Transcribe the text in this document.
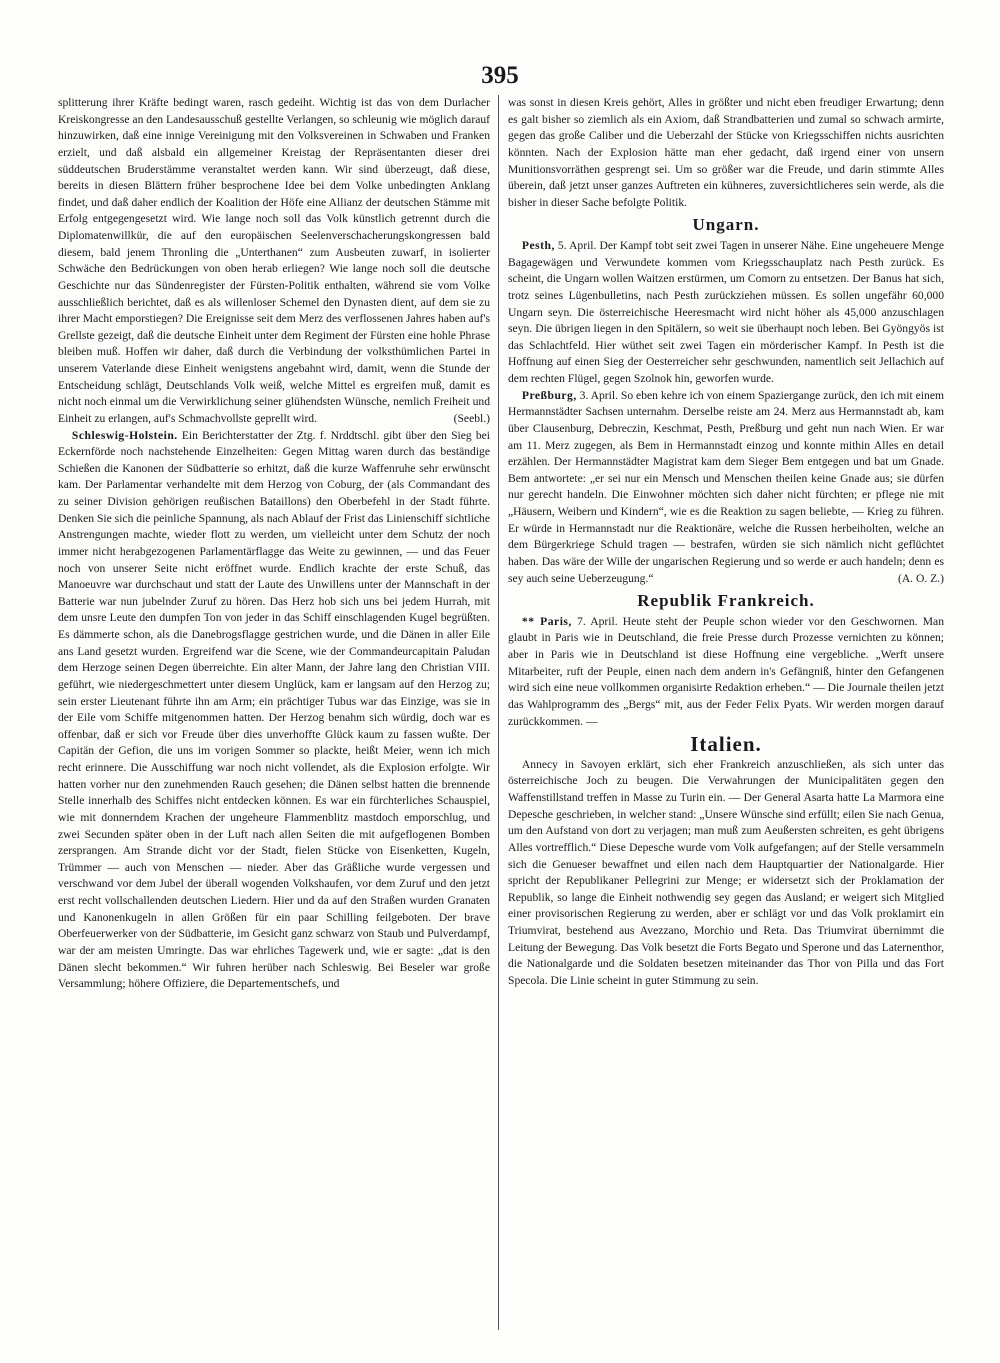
395

splitterung ihrer Kräfte bedingt waren, rasch gedeiht. Wichtig ist das von dem Durlacher Kreiskongresse an den Landesausschuß gestellte Verlangen, so schleunig wie möglich darauf hinzuwirken, daß eine innige Vereinigung mit den Volksvereinen in Schwaben und Franken erzielt, und daß alsbald ein allgemeiner Kreistag der Repräsentanten dieser drei süddeutschen Bruderstämme veranstaltet werden kann. Wir sind überzeugt, daß diese, bereits in diesen Blättern früher besprochene Idee bei dem Volke unbedingten Anklang findet, und daß daher endlich der Koalition der Höfe eine Allianz der deutschen Stämme mit Erfolg entgegengesetzt wird. Wie lange noch soll das Volk künstlich getrennt durch die Diplomatenwillkür, die auf den europäischen Seelenverschacherungskongressen bald diesem, bald jenem Thronling die „Unterthanen“ zum Ausbeuten zuwarf, in isolierter Schwäche den Bedrückungen von oben herab erliegen? Wie lange noch soll die deutsche Geschichte nur das Sündenregister der Fürsten-Politik enthalten, während sie vom Volke ausschließlich berichtet, daß es als willenloser Schemel den Dynasten dient, auf dem sie zu ihrer Macht emporstiegen? Die Ereignisse seit dem Merz des verflossenen Jahres haben auf's Grellste gezeigt, daß die deutsche Einheit unter dem Regiment der Fürsten eine hohle Phrase bleiben muß. Hoffen wir daher, daß durch die Verbindung der volksthümlichen Partei in unserem Vaterlande diese Einheit wenigstens angebahnt wird, damit, wenn die Stunde der Entscheidung schlägt, Deutschlands Volk weiß, welche Mittel es ergreifen muß, damit es nicht noch einmal um die Verwirklichung seiner glühendsten Wünsche, nemlich Freiheit und Einheit zu erlangen, auf's Schmachvollste geprellt wird.	(Seebl.)

Schleswig-Holstein. Ein Berichterstatter der Ztg. f. Nrddtschl. gibt über den Sieg bei Eckernförde noch nachstehende Einzelheiten: Gegen Mittag waren durch das beständige Schießen die Kanonen der Südbatterie so erhitzt, daß die kurze Waffenruhe sehr erwünscht kam. Der Parlamentar verhandelte mit dem Herzog von Coburg, der (als Commandant des zu seiner Division gehörigen reußischen Bataillons) den Oberbefehl in der Stadt führte. Denken Sie sich die peinliche Spannung, als nach Ablauf der Frist das Linienschiff sichtliche Anstrengungen machte, wieder flott zu werden, um vielleicht unter dem Schutz der noch immer nicht herabgezogenen Parlamentärflagge das Weite zu gewinnen, — und das Feuer noch von unserer Seite nicht eröffnet wurde. Endlich krachte der erste Schuß, das Manoeuvre war durchschaut und statt der Laute des Unwillens unter der Mannschaft in der Batterie war nun jubelnder Zuruf zu hören. Das Herz hob sich uns bei jedem Hurrah, mit dem unsre Leute den dumpfen Ton von jeder in das Schiff einschlagenden Kugel begrüßten. Es dämmerte schon, als die Danebrogsflagge gestrichen wurde, und die Dänen in aller Eile ans Land gesetzt wurden. Ergreifend war die Scene, wie der Commandeurcapitain Paludan dem Herzoge seinen Degen überreichte. Ein alter Mann, der Jahre lang den Christian VIII. geführt, wie niedergeschmettert unter diesem Unglück, kam er langsam auf den Herzog zu; sein erster Lieutenant führte ihn am Arm; ein prächtiger Tubus war das Einzige, was sie in der Eile vom Schiffe mitgenommen hatten. Der Herzog benahm sich würdig, doch war es offenbar, daß er sich vor Freude über dies unverhoffte Glück kaum zu fassen wußte. Der Capitän der Gefion, die uns im vorigen Sommer so plackte, heißt Meier, wenn ich mich recht erinnere. Die Ausschiffung war noch nicht vollendet, als die Explosion erfolgte. Wir hatten vorher nur den zunehmenden Rauch gesehen; die Dänen selbst hatten die brennende Stelle innerhalb des Schiffes nicht entdecken können. Es war ein fürchterliches Schauspiel, wie mit donnerndem Krachen der ungeheure Flammenblitz mastdoch emporschlug, und zwei Secunden später oben in der Luft nach allen Seiten die mit aufgeflogenen Bomben zersprangen. Am Strande dicht vor der Stadt, fielen Stücke von Eisenketten, Kugeln, Trümmer — auch von Menschen — nieder. Aber das Gräßliche wurde vergessen und verschwand vor dem Jubel der überall wogenden Volkshaufen, vor dem Zuruf und den jetzt erst recht vollschallenden deutschen Liedern. Hier und da auf den Straßen wurden Granaten und Kanonenkugeln in allen Größen für ein paar Schilling feilgeboten. Der brave Oberfeuerwerker von der Südbatterie, im Gesicht ganz schwarz von Staub und Pulverdampf, war der am meisten Umringte. Das war ehrliches Tagewerk und, wie er sagte: „dat is den Dänen slecht bekommen.“ Wir fuhren herüber nach Schleswig. Bei Beseler war große Versammlung; höhere Offiziere, die Departementschefs, und

was sonst in diesen Kreis gehört, Alles in größter und nicht eben freudiger Erwartung; denn es galt bisher so ziemlich als ein Axiom, daß Strandbatterien und zumal so schwach armirte, gegen das große Caliber und die Ueberzahl der Stücke von Kriegsschiffen nichts ausrichten könnten. Nach der Explosion hätte man eher gedacht, daß irgend einer von unsern Munitionsvorräthen gesprengt sei. Um so größer war die Freude, und darin stimmte Alles überein, daß jetzt unser ganzes Auftreten ein kühneres, zuversichtlicheres sein werde, als die bisher in dieser Sache befolgte Politik.

Ungarn.

Pesth, 5. April. Der Kampf tobt seit zwei Tagen in unserer Nähe. Eine ungeheuere Menge Bagagewägen und Verwundete kommen vom Kriegsschauplatz nach Pesth zurück. Es scheint, die Ungarn wollen Waitzen erstürmen, um Comorn zu entsetzen. Der Banus hat sich, trotz seines Lügenbulletins, nach Pesth zurückziehen müssen. Es sollen ungefähr 60,000 Ungarn seyn. Die österreichische Heeresmacht wird nicht höher als 45,000 anzuschlagen seyn. Die übrigen liegen in den Spitälern, so weit sie überhaupt noch leben. Bei Gyöngyös ist das Schlachtfeld. Hier wüthet seit zwei Tagen ein mörderischer Kampf. In Pesth ist die Hoffnung auf einen Sieg der Oesterreicher sehr geschwunden, namentlich seit Jellachich auf dem rechten Flügel, gegen Szolnok hin, geworfen wurde.

Preßburg, 3. April. So eben kehre ich von einem Spaziergange zurück, den ich mit einem Hermannstädter Sachsen unternahm. Derselbe reiste am 24. Merz aus Hermannstadt ab, kam über Clausenburg, Debreczin, Keschmat, Pesth, Preßburg und geht nun nach Wien. Er war am 11. Merz zugegen, als Bem in Hermannstadt einzog und konnte mithin Alles en detail erzählen. Der Hermannstädter Magistrat kam dem Sieger Bem entgegen und bat um Gnade. Bem antwortete: „er sei nur ein Mensch und Menschen theilen keine Gnade aus; sie dürfen nur gerecht handeln. Die Einwohner möchten sich daher nicht fürchten; er pflege nie mit „Häusern, Weibern und Kindern“, wie es die Reaktion zu sagen beliebte, — Krieg zu führen. Er würde in Hermannstadt nur die Reaktionäre, welche die Russen herbeiholten, welche an dem Bürgerkriege Schuld tragen — bestrafen, würden sie sich nämlich nicht geflüchtet haben. Das wäre der Wille der ungarischen Regierung und so werde er auch handeln; denn es sey auch seine Ueberzeugung.“	(A. O. Z.)

Republik Frankreich.

** Paris, 7. April. Heute steht der Peuple schon wieder vor den Geschwornen. Man glaubt in Paris wie in Deutschland, die freie Presse durch Prozesse vernichten zu können; aber in Paris wie in Deutschland ist diese Hoffnung eine vergebliche. „Werft unsere Mitarbeiter, ruft der Peuple, einen nach dem andern in's Gefängniß, hinter den Gefangenen wird sich eine neue vollkommen organisirte Redaktion erheben.“ — Die Journale theilen jetzt das Wahlprogramm des „Bergs“ mit, aus der Feder Felix Pyats. Wir werden morgen darauf zurückkommen. —

Italien.

Annecy in Savoyen erklärt, sich eher Frankreich anzuschließen, als sich unter das österreichische Joch zu beugen. Die Verwahrungen der Municipalitäten gegen den Waffenstillstand treffen in Masse zu Turin ein. — Der General Asarta hatte La Marmora eine Depesche geschrieben, in welcher stand: „Unsere Wünsche sind erfüllt; eilen Sie nach Genua, um den Aufstand von dort zu verjagen; man muß zum Aeußersten schreiten, es geht übrigens Alles vortrefflich.“ Diese Depesche wurde vom Volk aufgefangen; auf der Stelle versammeln sich die Genueser bewaffnet und eilen nach dem Hauptquartier der Nationalgarde. Hier spricht der Republikaner Pellegrini zur Menge; er widersetzt sich der Proklamation der Republik, so lange die Einheit nothwendig sey gegen das Ausland; er weigert sich Mitglied einer provisorischen Regierung zu werden, aber er schlägt vor und das Volk proklamirt ein Triumvirat, bestehend aus Avezzano, Morchio und Reta. Das Triumvirat übernimmt die Leitung der Bewegung. Das Volk besetzt die Forts Begato und Sperone und das Laternenthor, die Nationalgarde und die Soldaten besetzen miteinander das Thor von Pilla und das Fort Specola. Die Linie scheint in guter Stimmung zu sein.
